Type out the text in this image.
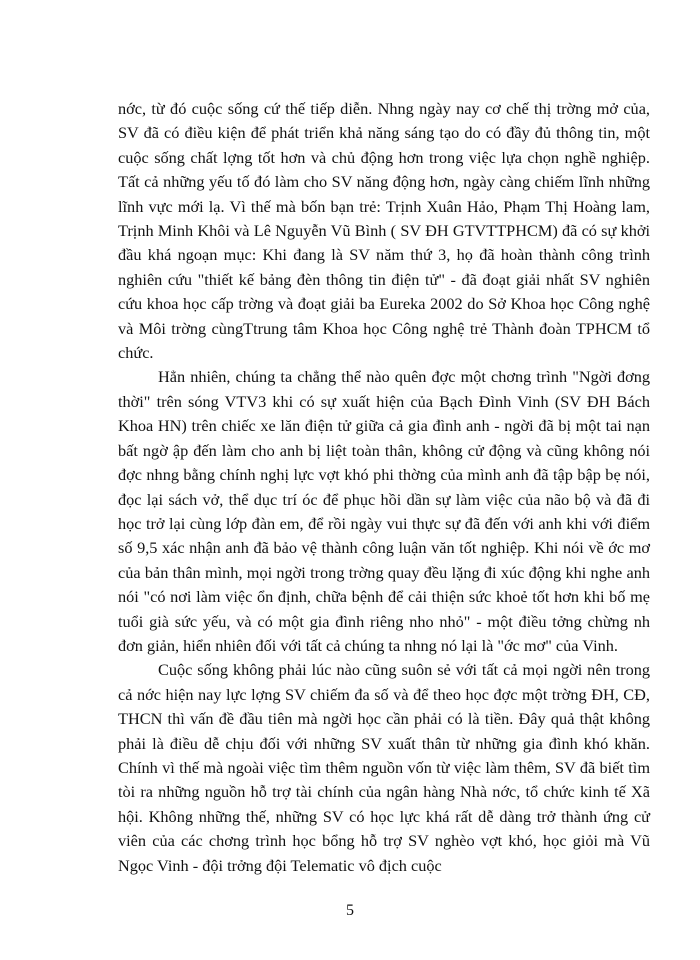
nớc, từ đó cuộc sống cứ thế tiếp diễn. Nhng ngày nay cơ chế thị trờng mở của, SV đã có điều kiện để phát triển khả năng sáng tạo do có đầy đủ thông tin, một cuộc sống chất lợng tốt hơn và chủ động hơn trong việc lựa chọn nghề nghiệp. Tất cả những yếu tố đó làm cho SV năng động hơn, ngày càng chiếm lĩnh những lĩnh vực mới lạ. Vì thế mà bốn bạn trẻ: Trịnh Xuân Hảo, Phạm Thị Hoàng lam, Trịnh Minh Khôi và Lê Nguyễn Vũ Bình ( SV ĐH GTVTTPHCM) đã có sự khởi đầu khá ngoạn mục: Khi đang là SV năm thứ 3, họ đã hoàn thành công trình nghiên cứu "thiết kế bảng đèn thông tin điện tử" - đã đoạt giải nhất SV nghiên cứu khoa học cấp trờng và đoạt giải ba Eureka 2002 do Sở Khoa học Công nghệ và Môi trờng cùngTtrung tâm Khoa học Công nghệ trẻ Thành đoàn TPHCM tổ chức.

Hẳn nhiên, chúng ta chẳng thể nào quên đợc một chơng trình "Ngời đơng thời" trên sóng VTV3 khi có sự xuất hiện của Bạch Đình Vinh (SV ĐH Bách Khoa HN) trên chiếc xe lăn điện tử giữa cả gia đình anh - ngời đã bị một tai nạn bất ngờ ập đến làm cho anh bị liệt toàn thân, không cử động và cũng không nói đợc nhng bằng chính nghị lực vợt khó phi thờng của mình anh đã tập bập bẹ nói, đọc lại sách vở, thể dục trí óc để phục hồi dần sự làm việc của não bộ và đã đi học trở lại cùng lớp đàn em, để rồi ngày vui thực sự đã đến với anh khi với điểm số 9,5 xác nhận anh đã bảo vệ thành công luận văn tốt nghiệp. Khi nói về ớc mơ của bản thân mình, mọi ngời trong trờng quay đều lặng đi xúc động khi nghe anh nói "có nơi làm việc ổn định, chữa bệnh để cải thiện sức khoẻ tốt hơn khi bố mẹ tuổi già sức yếu, và có một gia đình riêng nho nhỏ" - một điều tởng chừng nh đơn giản, hiển nhiên đối với tất cả chúng ta nhng nó lại là "ớc mơ" của Vinh.

Cuộc sống không phải lúc nào cũng suôn sẻ với tất cả mọi ngời nên trong cả nớc hiện nay lực lợng SV chiếm đa số và để theo học đợc một trờng ĐH, CĐ, THCN thì vấn đề đầu tiên mà ngời học cần phải có là tiền. Đây quả thật không phải là điều dễ chịu đối với những SV xuất thân từ những gia đình khó khăn. Chính vì thế mà ngoài việc tìm thêm nguồn vốn từ việc làm thêm, SV đã biết tìm tòi ra những nguồn hỗ trợ tài chính của ngân hàng Nhà nớc, tổ chức kinh tế Xã hội. Không những thế, những SV có học lực khá rất dễ dàng trở thành ứng cử viên của các chơng trình học bổng hỗ trợ SV nghèo vợt khó, học giỏi mà Vũ Ngọc Vinh - đội trởng đội Telematic vô địch cuộc

5
